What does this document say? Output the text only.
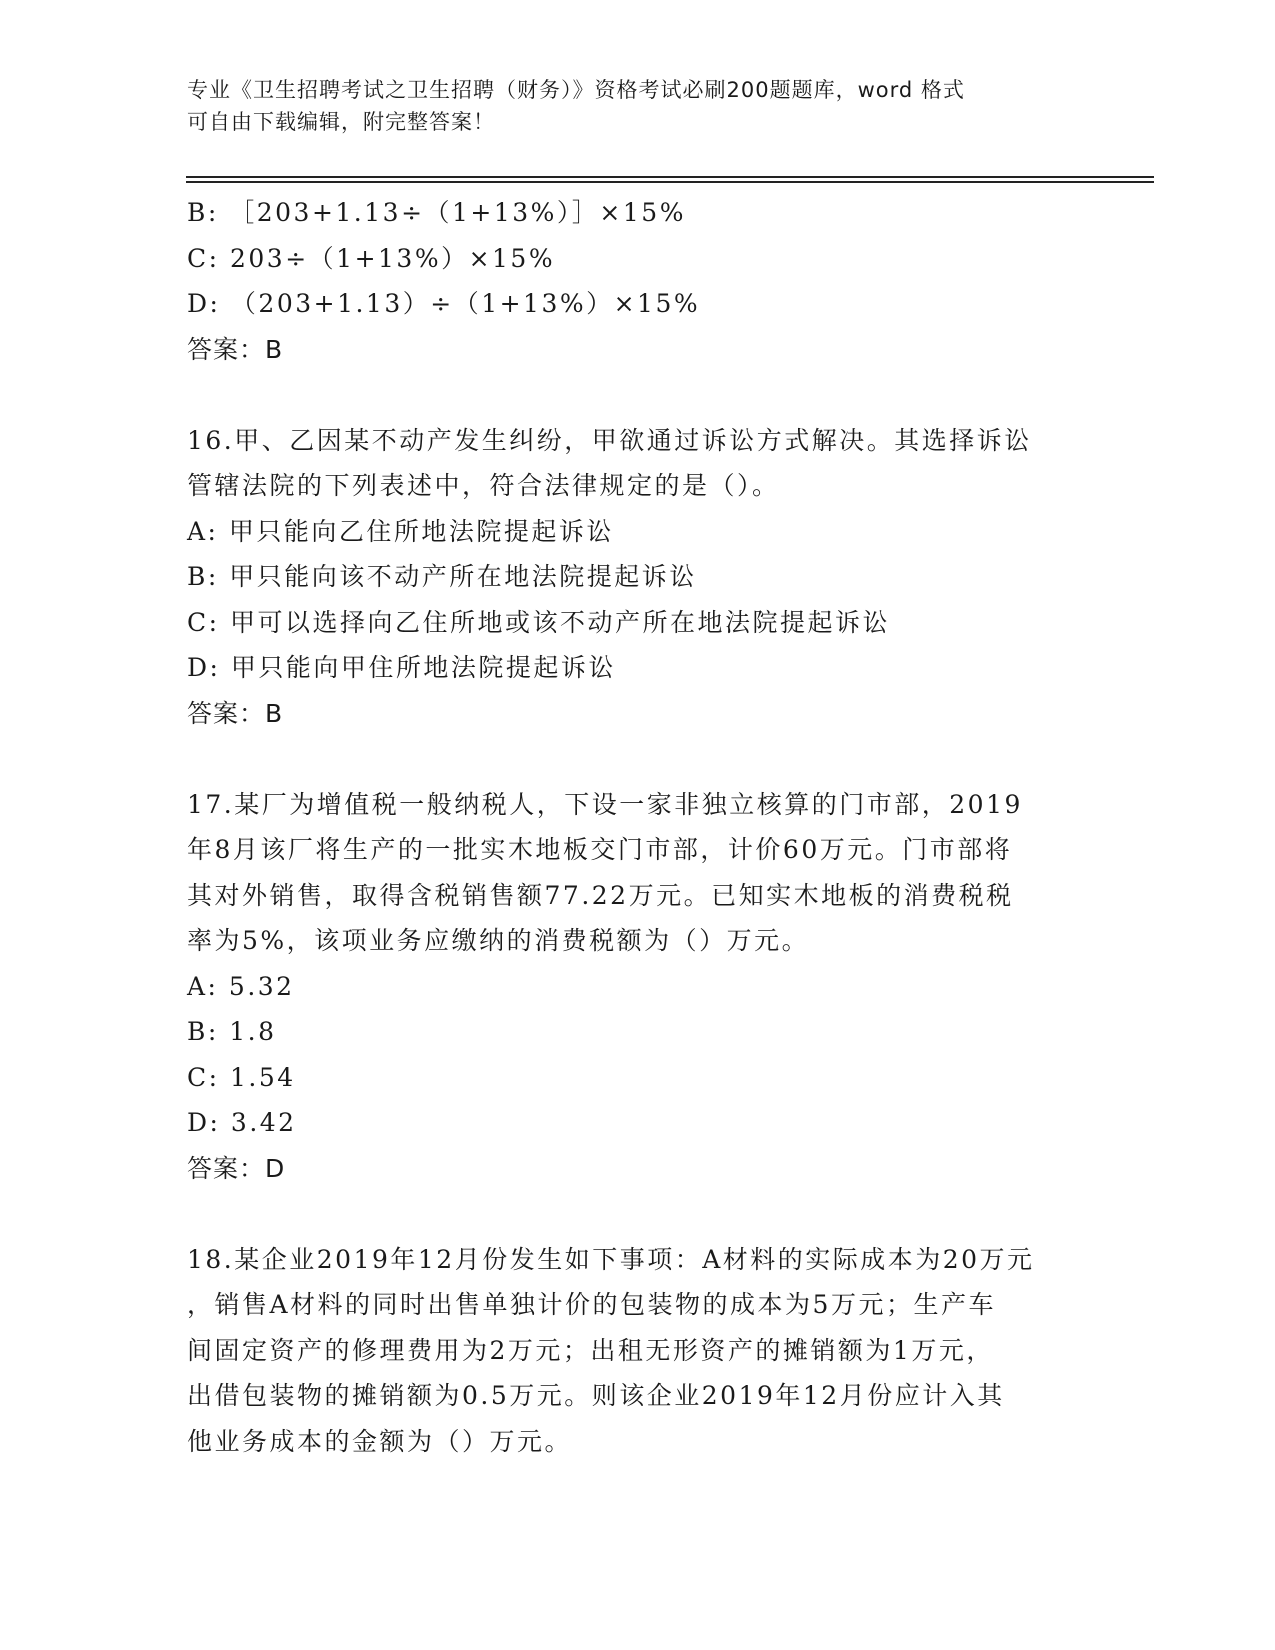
专业《卫生招聘考试之卫生招聘（财务）》资格考试必刷200题题库，word 格式
可自由下载编辑，附完整答案！
B: ［203+1.13÷（1+13%）］×15%
C: 203÷（1+13%）×15%
D: （203+1.13）÷（1+13%）×15%
答案：B
16.甲、乙因某不动产发生纠纷，甲欲通过诉讼方式解决。其选择诉讼
管辖法院的下列表述中，符合法律规定的是（）。
A: 甲只能向乙住所地法院提起诉讼
B: 甲只能向该不动产所在地法院提起诉讼
C: 甲可以选择向乙住所地或该不动产所在地法院提起诉讼
D: 甲只能向甲住所地法院提起诉讼
答案：B
17.某厂为增值税一般纳税人，下设一家非独立核算的门市部，2019
年8月该厂将生产的一批实木地板交门市部，计价60万元。门市部将
其对外销售，取得含税销售额77.22万元。已知实木地板的消费税税
率为5%，该项业务应缴纳的消费税额为（）万元。
A: 5.32
B: 1.8
C: 1.54
D: 3.42
答案：D
18.某企业2019年12月份发生如下事项：A材料的实际成本为20万元
，销售A材料的同时出售单独计价的包装物的成本为5万元；生产车
间固定资产的修理费用为2万元；出租无形资产的摊销额为1万元，
出借包装物的摊销额为0.5万元。则该企业2019年12月份应计入其
他业务成本的金额为（）万元。
